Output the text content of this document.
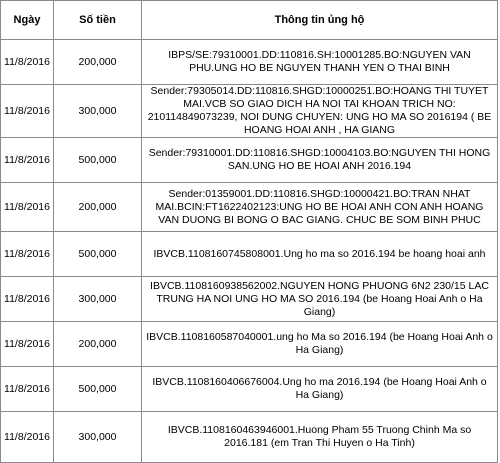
Ngày	Số tiền	Thông tin ủng hộ
11/8/2016	200,000	IBPS/SE:79310001.DD:110816.SH:10001285.BO:NGUYEN VAN PHU.UNG HO BE NGUYEN THANH YEN O THAI BINH
11/8/2016	300,000	Sender:79305014.DD:110816.SHGD:10000251.BO:HOANG THI TUYET MAI.VCB SO GIAO DICH HA NOI TAI KHOAN TRICH NO: 210114849073239, NOI DUNG CHUYEN: UNG HO MA SO 2016194 ( BE HOANG HOAI ANH , HA GIANG
11/8/2016	500,000	Sender:79310001.DD:110816.SHGD:10004103.BO:NGUYEN THI HONG SAN.UNG HO BE HOAI ANH 2016.194
11/8/2016	200,000	Sender:01359001.DD:110816.SHGD:10000421.BO:TRAN NHAT MAI.BCIN:FT1622402123:UNG HO BE HOAI ANH CON ANH HOANG VAN DUONG BI BONG O BAC GIANG. CHUC BE SOM BINH PHUC
11/8/2016	500,000	IBVCB.1108160745808001.Ung ho ma so 2016.194 be hoang hoai anh
11/8/2016	300,000	IBVCB.1108160938562002.NGUYEN HONG PHUONG 6N2 230/15 LAC TRUNG HA NOI UNG HO MA SO 2016.194 (be Hoang Hoai Anh o Ha Giang)
11/8/2016	200,000	IBVCB.1108160587040001.ung ho Ma so 2016.194 (be Hoang Hoai Anh o Ha Giang)
11/8/2016	500,000	IBVCB.1108160406676004.Ung ho ma 2016.194 (be Hoang Hoai Anh o Ha Giang)
11/8/2016	300,000	IBVCB.1108160463946001.Huong Pham 55 Truong Chinh Ma so 2016.181 (em Tran Thi Huyen o Ha Tinh)
